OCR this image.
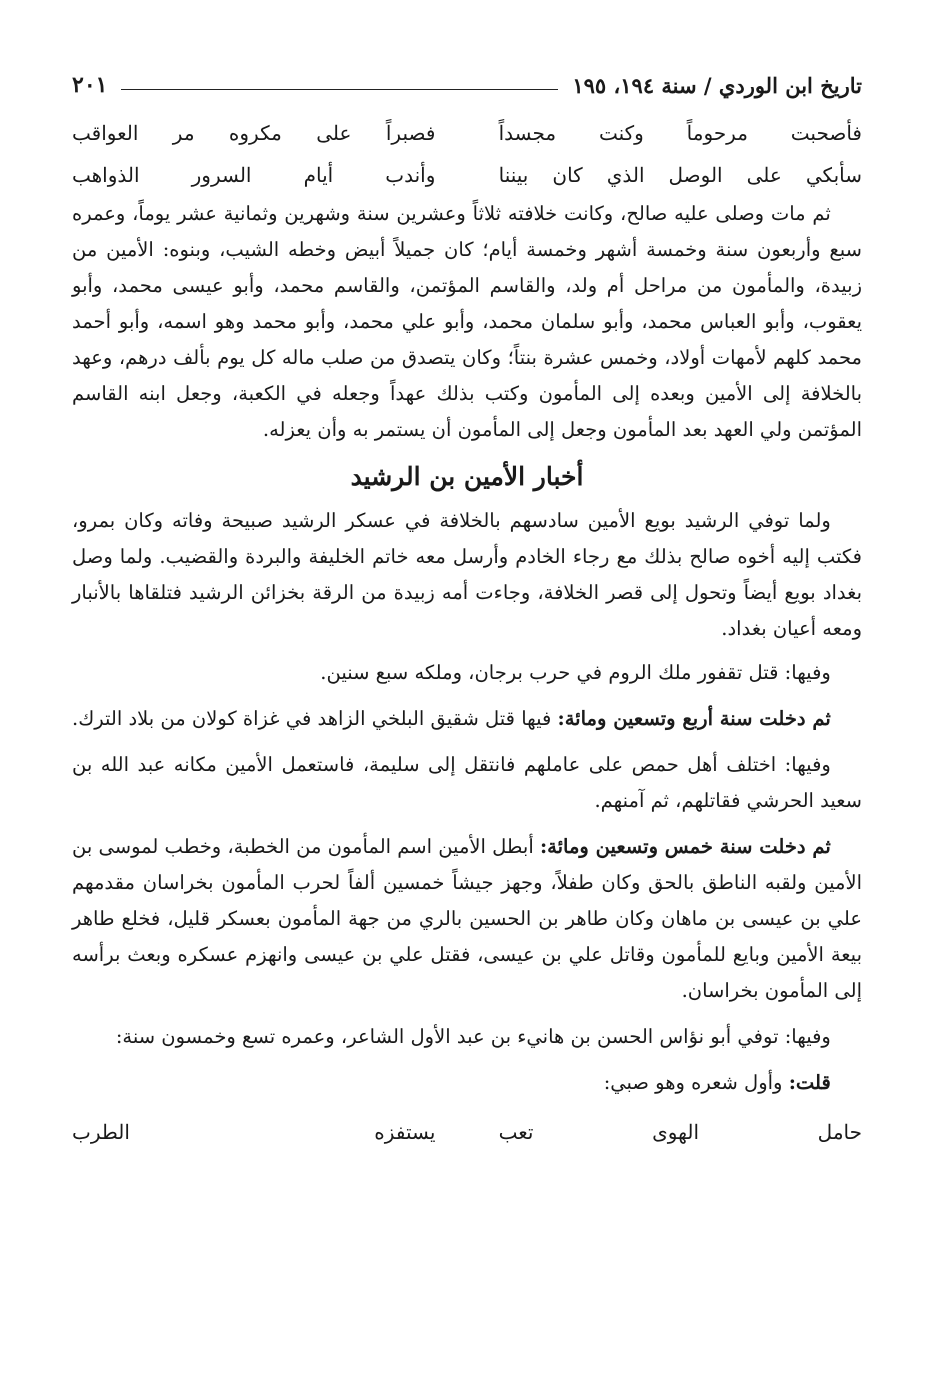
تاريخ ابن الوردي / سنة ١٩٤، ١٩٥
٢٠١
فأصحبت مرحوماً وكنت مجسداً
فصبراً على مكروه مر العواقب
سأبكي على الوصل الذي كان بيننا
وأندب أيام السرور الذواهب

ثم مات وصلى عليه صالح، وكانت خلافته ثلاثاً وعشرين سنة وشهرين وثمانية عشر يوماً، وعمره سبع وأربعون سنة وخمسة أشهر وخمسة أيام؛ كان جميلاً أبيض وخطه الشيب، وبنوه: الأمين من زبيدة، والمأمون من مراحل أم ولد، والقاسم المؤتمن، والقاسم محمد، وأبو عيسى محمد، وأبو يعقوب، وأبو العباس محمد، وأبو سلمان محمد، وأبو علي محمد، وأبو محمد وهو اسمه، وأبو أحمد محمد كلهم لأمهات أولاد، وخمس عشرة بنتاً؛ وكان يتصدق من صلب ماله كل يوم بألف درهم، وعهد بالخلافة إلى الأمين وبعده إلى المأمون وكتب بذلك عهداً وجعله في الكعبة، وجعل ابنه القاسم المؤتمن ولي العهد بعد المأمون وجعل إلى المأمون أن يستمر به وأن يعزله.

أخبار الأمين بن الرشيد

ولما توفي الرشيد بويع الأمين سادسهم بالخلافة في عسكر الرشيد صبيحة وفاته وكان بمرو، فكتب إليه أخوه صالح بذلك مع رجاء الخادم وأرسل معه خاتم الخليفة والبردة والقضيب. ولما وصل بغداد بويع أيضاً وتحول إلى قصر الخلافة، وجاءت أمه زبيدة من الرقة بخزائن الرشيد فتلقاها بالأنبار ومعه أعيان بغداد.

وفيها: قتل تقفور ملك الروم في حرب برجان، وملكه سبع سنين.

ثم دخلت سنة أربع وتسعين ومائة: فيها قتل شقيق البلخي الزاهد في غزاة كولان من بلاد الترك.

وفيها: اختلف أهل حمص على عاملهم فانتقل إلى سليمة، فاستعمل الأمين مكانه عبد الله بن سعيد الحرشي فقاتلهم، ثم آمنهم.

ثم دخلت سنة خمس وتسعين ومائة: أبطل الأمين اسم المأمون من الخطبة، وخطب لموسى بن الأمين ولقبه الناطق بالحق وكان طفلاً، وجهز جيشاً خمسين ألفاً لحرب المأمون بخراسان مقدمهم علي بن عيسى بن ماهان وكان طاهر بن الحسين بالري من جهة المأمون بعسكر قليل، فخلع طاهر بيعة الأمين وبايع للمأمون وقاتل علي بن عيسى، فقتل علي بن عيسى وانهزم عسكره وبعث برأسه إلى المأمون بخراسان.

وفيها: توفي أبو نؤاس الحسن بن هانيء بن عبد الأول الشاعر، وعمره تسع وخمسون سنة:

قلت: وأول شعره وهو صبي:

حامل الهوى تعب
يستفزه الطرب
